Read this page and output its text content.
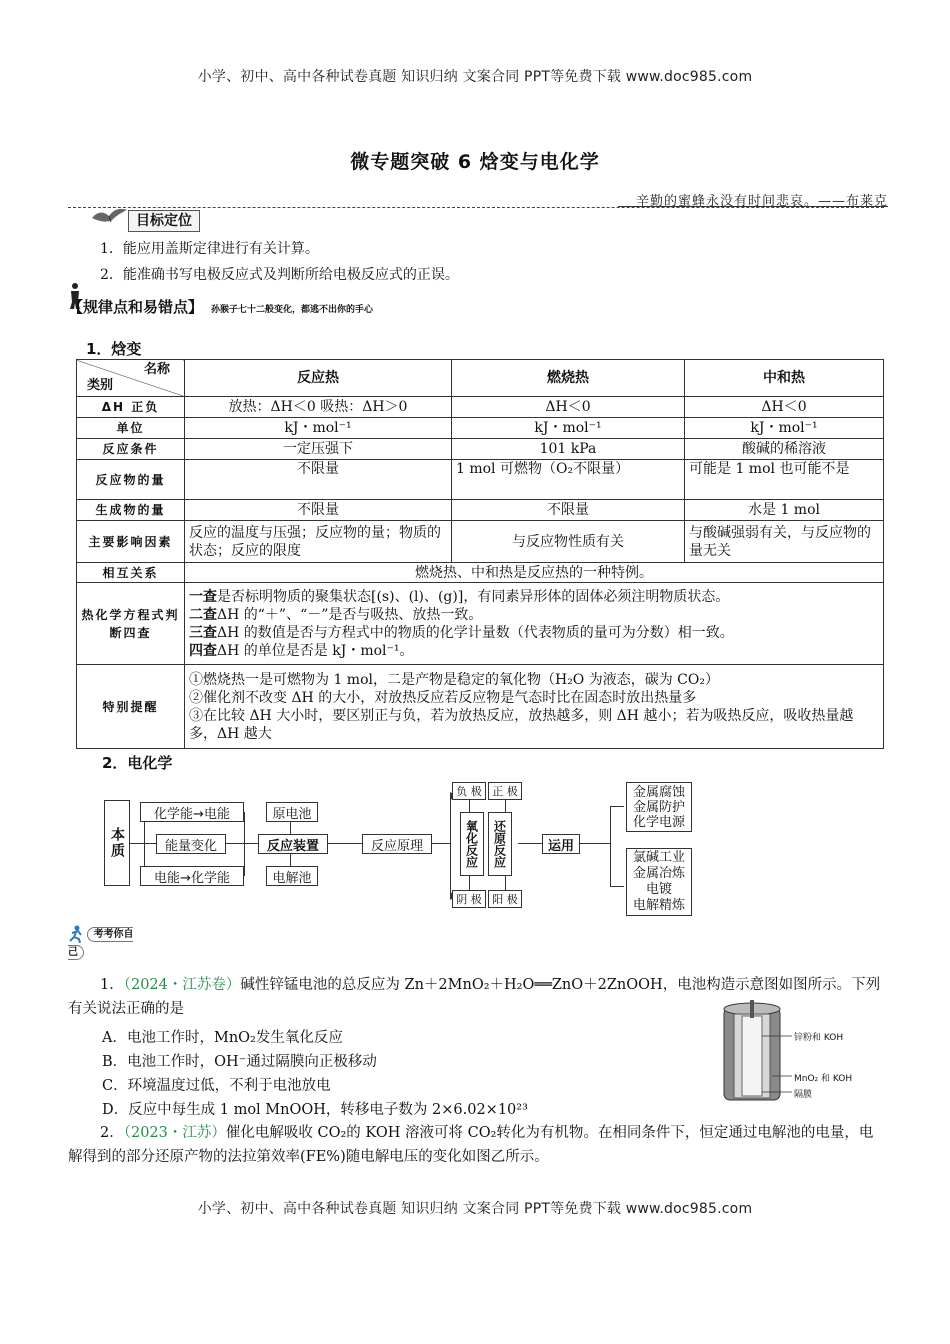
小学、初中、高中各种试卷真题 知识归纳 文案合同 PPT等免费下载 www.doc985.com
微专题突破 6 焓变与电化学
辛勤的蜜蜂永没有时间悲哀。——布莱克
目标定位
1．能应用盖斯定律进行有关计算。
2．能准确书写电极反应式及判断所给电极反应式的正误。
【规律点和易错点】 孙猴子七十二般变化，都逃不出你的手心
1．焓变
名称
类别	反应热	燃烧热	中和热
ΔH 正负	放热：ΔH＜0 吸热：ΔH＞0	ΔH＜0	ΔH＜0
单位	kJ・mol⁻¹	kJ・mol⁻¹	kJ・mol⁻¹
反应条件	一定压强下	101 kPa	酸碱的稀溶液
反应物的量	不限量	1 mol 可燃物（O₂不限量）	可能是 1 mol 也可能不是
生成物的量	不限量	不限量	水是 1 mol
主要影响因素	反应的温度与压强；反应物的量；物质的状态；反应的限度	与反应物性质有关	与酸碱强弱有关，与反应物的量无关
相互关系	燃烧热、中和热是反应热的一种特例。		
热化学方程式判断四查	一查是否标明物质的聚集状态[(s)、(l)、(g)]，有同素异形体的固体必须注明物质状态。
二查ΔH 的“＋”、“－”是否与吸热、放热一致。
三查ΔH 的数值是否与方程式中的物质的化学计量数（代表物质的量可为分数）相一致。
四查ΔH 的单位是否是 kJ・mol⁻¹。		

特别提醒	①燃烧热一是可燃物为 1 mol，二是产物是稳定的氧化物（H₂O 为液态，碳为 CO₂）
②催化剂不改变 ΔH 的大小，对放热反应若反应物是气态时比在固态时放出热量多
③在比较 ΔH 大小时，要区别正与负，若为放热反应，放热越多，则 ΔH 越小；若为吸热反应，吸收热量越多，ΔH 越大		
2．电化学
本质
化学能→电能
电能→化学能
能量变化
原电池
电解池
反应装置	反应原理
负 极 正 极
氧化反应 还原反应
阴 极 阳 极
运用
金属腐蚀
金属防护
化学电源
氯碱工业
金属冶炼
电镀
电解精炼
考考你自己
1．（2024・江苏卷）碱性锌锰电池的总反应为 Zn＋2MnO₂＋H₂O══ZnO＋2ZnOOH，电池构造示意图如图所示。下列有关说法正确的是
A．电池工作时，MnO₂发生氧化反应
B．电池工作时，OH⁻通过隔膜向正极移动
C．环境温度过低，不利于电池放电
D．反应中每生成 1 mol MnOOH，转移电子数为 2×6.02×10²³
锌粉和 KOH
MnO₂ 和 KOH
隔膜
2．（2023・江苏）催化电解吸收 CO₂的 KOH 溶液可将 CO₂转化为有机物。在相同条件下，恒定通过电解池的电量，电解得到的部分还原产物的法拉第效率(FE%)随电解电压的变化如图乙所示。
小学、初中、高中各种试卷真题 知识归纳 文案合同 PPT等免费下载 www.doc985.com
